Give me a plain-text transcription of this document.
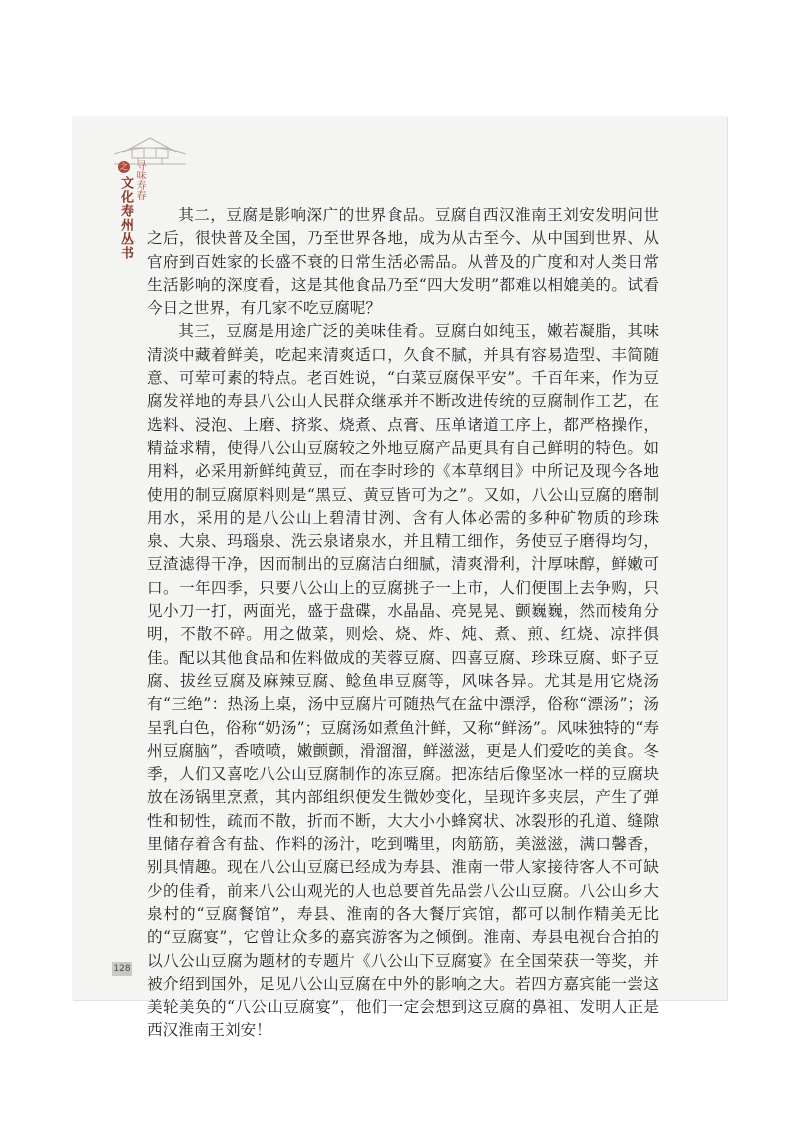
之 寻味寿春
文化寿州丛书	其二，豆腐是影响深广的世界食品。豆腐自西汉淮南王刘安发明问世之后，很快普及全国，乃至世界各地，成为从古至今、从中国到世界、从官府到百姓家的长盛不衰的日常生活必需品。从普及的广度和对人类日常生活影响的深度看，这是其他食品乃至“四大发明”都难以相媲美的。试看今日之世界，有几家不吃豆腐呢？

其三，豆腐是用途广泛的美味佳肴。豆腐白如纯玉，嫩若凝脂，其味清淡中藏着鲜美，吃起来清爽适口，久食不腻，并具有容易造型、丰简随意、可荤可素的特点。老百姓说，“白菜豆腐保平安”。千百年来，作为豆腐发祥地的寿县八公山人民群众继承并不断改进传统的豆腐制作工艺，在选料、浸泡、上磨、挤浆、烧煮、点膏、压单诸道工序上，都严格操作，精益求精，使得八公山豆腐较之外地豆腐产品更具有自己鲜明的特色。如用料，必采用新鲜纯黄豆，而在李时珍的《本草纲目》中所记及现今各地使用的制豆腐原料则是“黑豆、黄豆皆可为之”。又如，八公山豆腐的磨制用水，采用的是八公山上碧清甘洌、含有人体必需的多种矿物质的珍珠泉、大泉、玛瑙泉、洗云泉诸泉水，并且精工细作，务使豆子磨得均匀，豆渣滤得干净，因而制出的豆腐洁白细腻，清爽滑利，汁厚味醇，鲜嫩可口。一年四季，只要八公山上的豆腐挑子一上市，人们便围上去争购，只见小刀一打，两面光，盛于盘碟，水晶晶、亮晃晃、颤巍巍，然而棱角分明，不散不碎。用之做菜，则烩、烧、炸、炖、煮、煎、红烧、凉拌俱佳。配以其他食品和佐料做成的芙蓉豆腐、四喜豆腐、珍珠豆腐、虾子豆腐、拔丝豆腐及麻辣豆腐、鲶鱼串豆腐等，风味各异。尤其是用它烧汤有“三绝”：热汤上桌，汤中豆腐片可随热气在盆中漂浮，俗称“漂汤”；汤呈乳白色，俗称“奶汤”；豆腐汤如煮鱼汁鲜，又称“鲜汤”。风味独特的“寿州豆腐脑”，香喷喷，嫩颤颤，滑溜溜，鲜滋滋，更是人们爱吃的美食。冬季，人们又喜吃八公山豆腐制作的冻豆腐。把冻结后像坚冰一样的豆腐块放在汤锅里烹煮，其内部组织便发生微妙变化，呈现许多夹层，产生了弹性和韧性，疏而不散，折而不断，大大小小蜂窝状、冰裂形的孔道、缝隙里储存着含有盐、作料的汤汁，吃到嘴里，肉筋筋，美滋滋，满口馨香，别具情趣。现在八公山豆腐已经成为寿县、淮南一带人家接待客人不可缺少的佳肴，前来八公山观光的人也总要首先品尝八公山豆腐。八公山乡大泉村的“豆腐餐馆”，寿县、淮南的各大餐厅宾馆，都可以制作精美无比的“豆腐宴”，它曾让众多的嘉宾游客为之倾倒。淮南、寿县电视台合拍的以八公山豆腐为题材的专题片《八公山下豆腐宴》在全国荣获一等奖，并被介绍到国外，足见八公山豆腐在中外的影响之大。若四方嘉宾能一尝这美轮美奂的“八公山豆腐宴”，他们一定会想到这豆腐的鼻祖、发明人正是西汉淮南王刘安！

128
